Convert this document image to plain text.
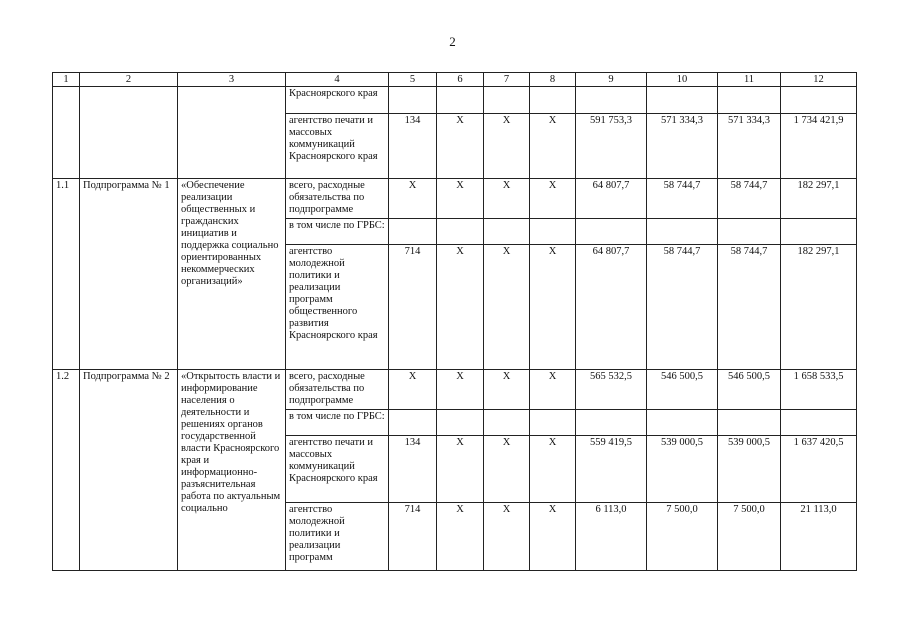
2
1	2	3	4	5	6	7	8	9	10	11	12
			Красноярского края								
			агентство печати и массовых коммуникаций Красноярского края	134	Х	Х	Х	591 753,3	571 334,3	571 334,3	1 734 421,9
1.1	Подпрограмма № 1	«Обеспечение реализации общественных и гражданских инициатив и поддержка социально ориентированных некоммерческих организаций»	всего, расходные обязательства по подпрограмме	Х	Х	Х	Х	64 807,7	58 744,7	58 744,7	182 297,1
			в том числе по ГРБС:								
			агентство молодежной политики и реализации программ общественного развития Красноярского края	714	Х	Х	Х	64 807,7	58 744,7	58 744,7	182 297,1
1.2	Подпрограмма № 2	«Открытость власти и информирование населения о деятельности и решениях органов государственной власти Красноярского края и информационно-разъяснительная работа по актуальным социально	всего, расходные обязательства по подпрограмме	Х	Х	Х	Х	565 532,5	546 500,5	546 500,5	1 658 533,5
			в том числе по ГРБС:								
			агентство печати и массовых коммуникаций Красноярского края	134	Х	Х	Х	559 419,5	539 000,5	539 000,5	1 637 420,5
			агентство молодежной политики и реализации программ	714	Х	Х	Х	6 113,0	7 500,0	7 500,0	21 113,0
